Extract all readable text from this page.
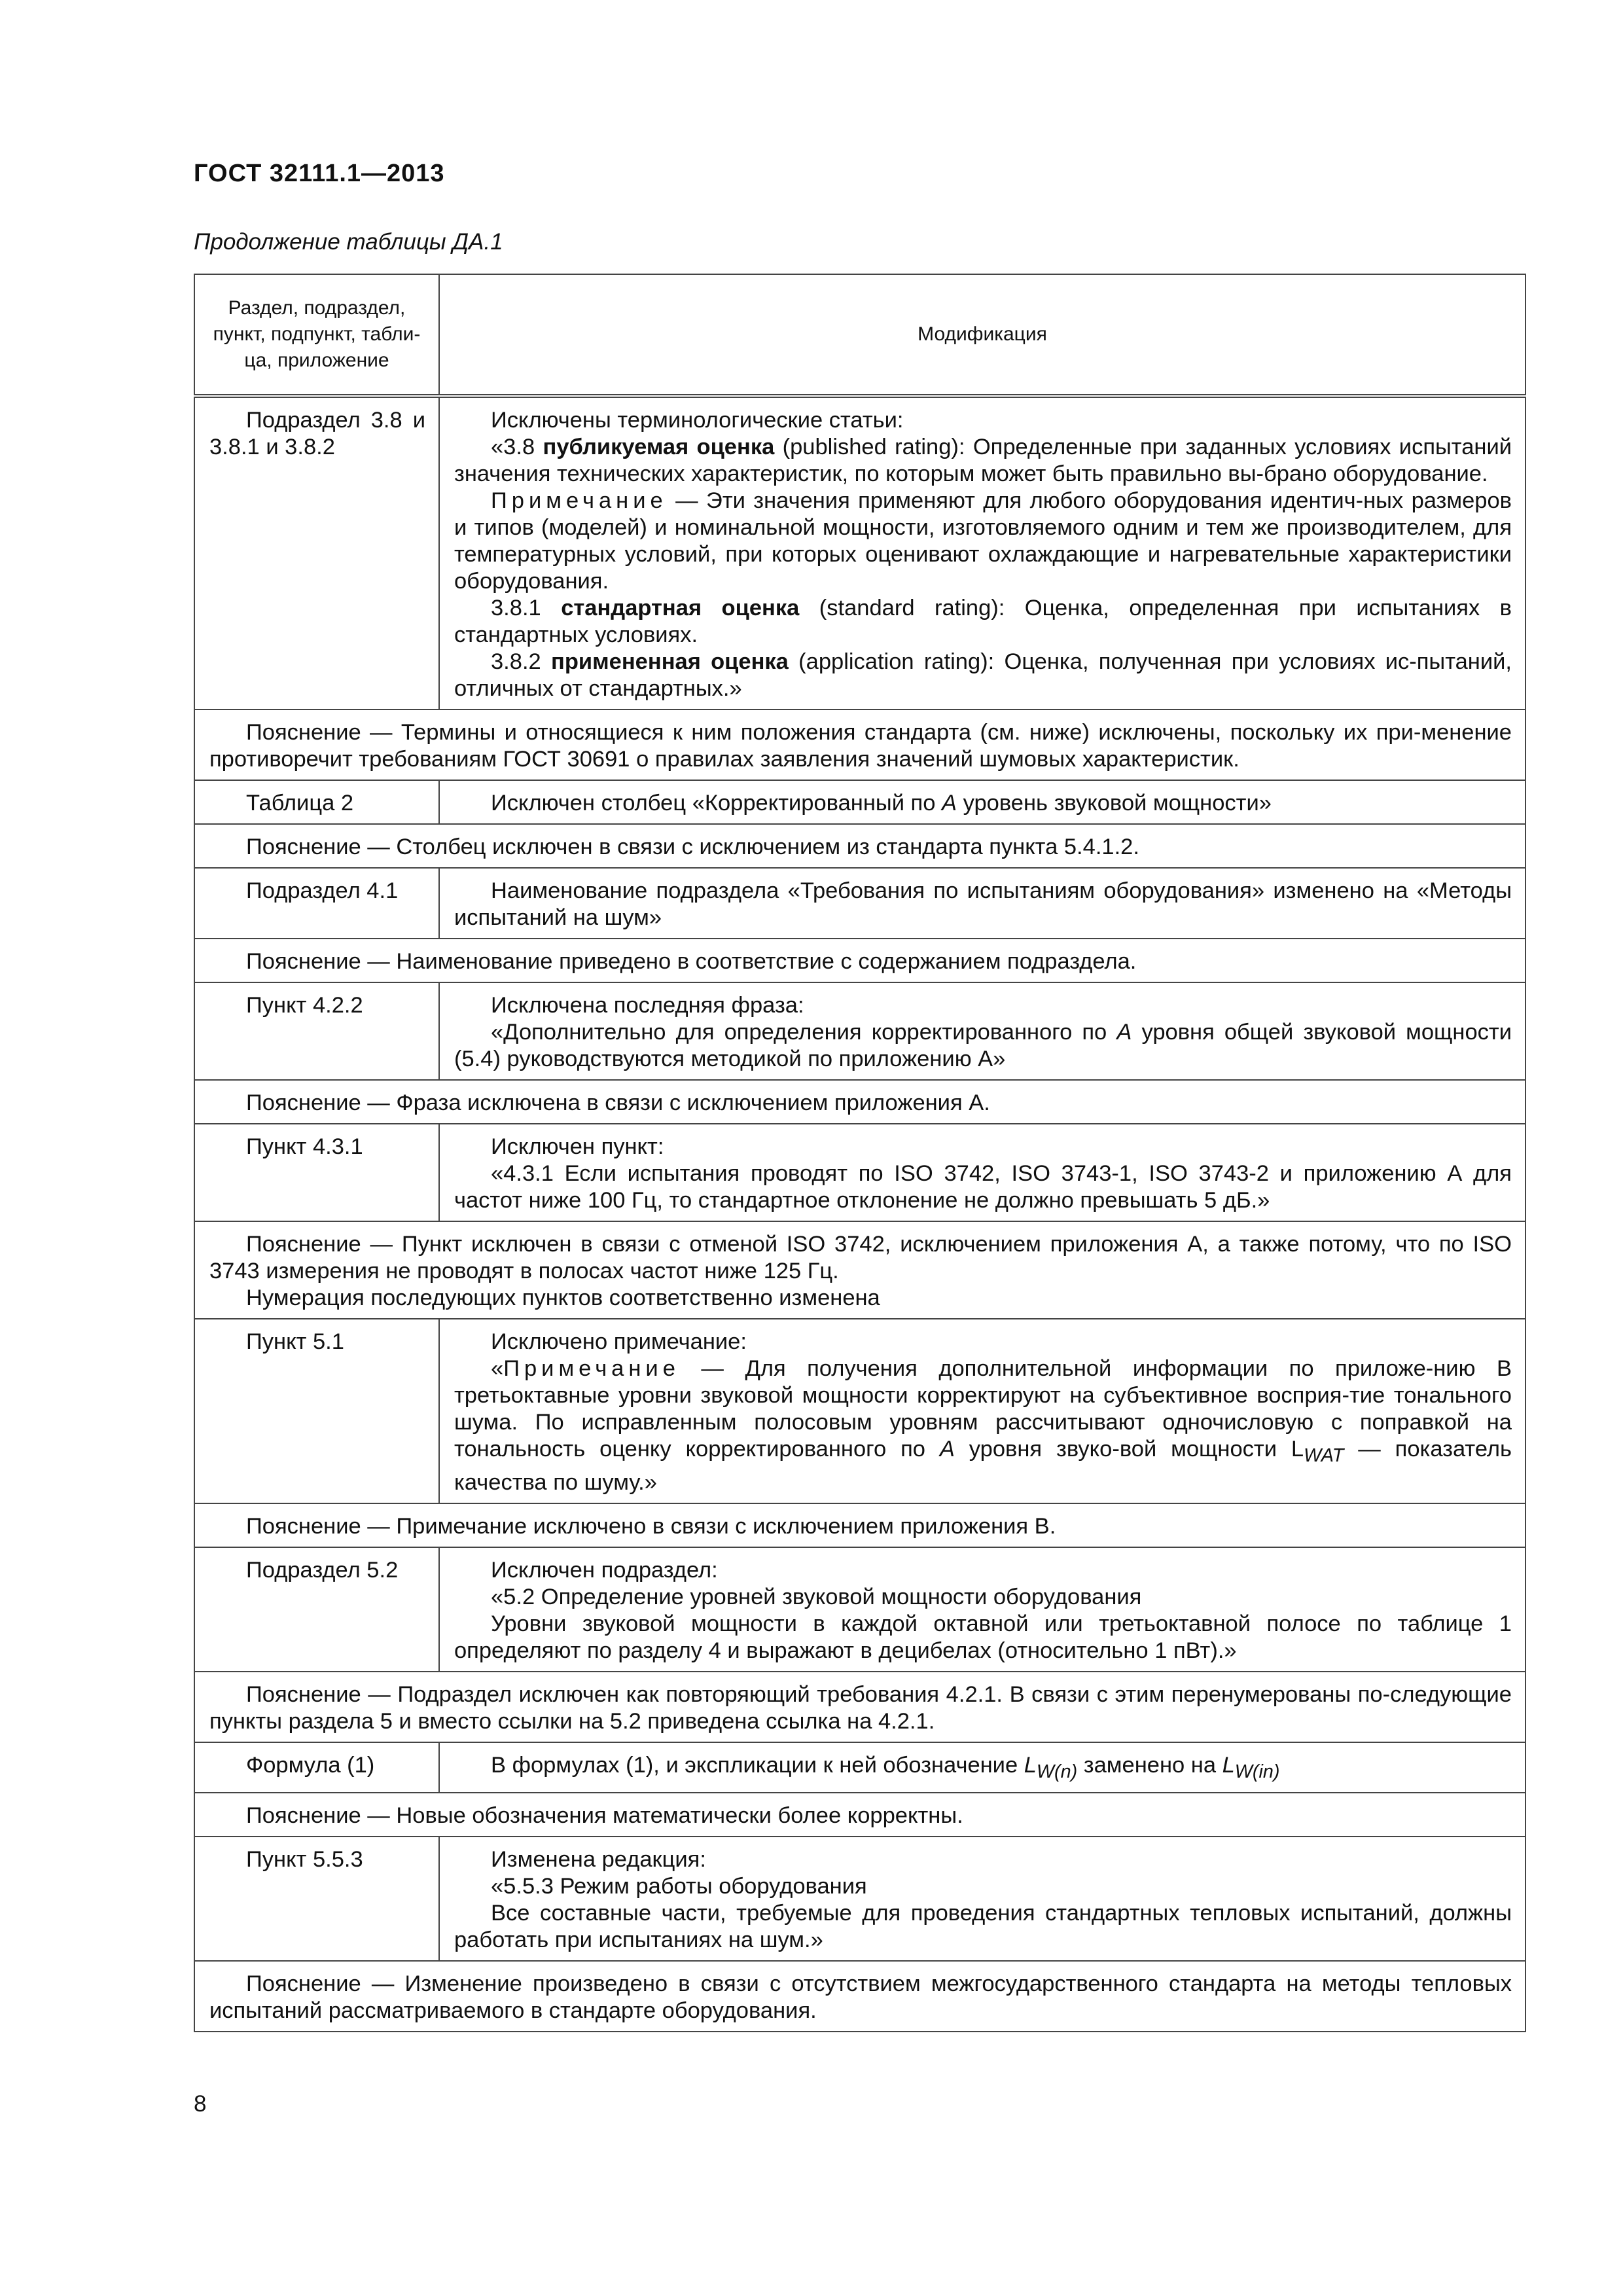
ГОСТ 32111.1—2013
Продолжение таблицы ДА.1
Раздел, подраздел, пункт, подпункт, табли-ца, приложение	Модификация
Подраздел 3.8 и 3.8.1 и 3.8.2	Исключены терминологические статьи:
«3.8 публикуемая оценка (published rating): Определенные при заданных условиях испытаний значения технических характеристик, по которым может быть правильно вы-брано оборудование.
Примечание — Эти значения применяют для любого оборудования идентич-ных размеров и типов (моделей) и номинальной мощности, изготовляемого одним и тем же производителем, для температурных условий, при которых оценивают охлаждающие и нагревательные характеристики оборудования.
3.8.1 стандартная оценка (standard rating): Оценка, определенная при испытаниях в стандартных условиях.
3.8.2 примененная оценка (application rating): Оценка, полученная при условиях ис-пытаний, отличных от стандартных.»

Пояснение — Термины и относящиеся к ним положения стандарта (см. ниже) исключены, поскольку их при-менение противоречит требованиям ГОСТ 30691 о правилах заявления значений шумовых характеристик.	
Таблица 2	Исключен столбец «Корректированный по A уровень звуковой мощности»
Пояснение — Столбец исключен в связи с исключением из стандарта пункта 5.4.1.2.	
Подраздел 4.1	Наименование подраздела «Требования по испытаниям оборудования» изменено на «Методы испытаний на шум»
Пояснение — Наименование приведено в соответствие с содержанием подраздела.	
Пункт 4.2.2	Исключена последняя фраза:
«Дополнительно для определения корректированного по А уровня общей звуковой мощности (5.4) руководствуются методикой по приложению А»

Пояснение — Фраза исключена в связи с исключением приложения А.	
Пункт 4.3.1	Исключен пункт:
«4.3.1 Если испытания проводят по ISO 3742, ISO 3743-1, ISO 3743-2 и приложению А для частот ниже 100 Гц, то стандартное отклонение не должно превышать 5 дБ.»

Пояснение — Пункт исключен в связи с отменой ISO 3742, исключением приложения А, а также потому, что по ISO 3743 измерения не проводят в полосах частот ниже 125 Гц.
Нумерация последующих пунктов соответственно изменена	

Пункт 5.1	Исключено примечание:
«Примечание — Для получения дополнительной информации по приложе-нию В третьоктавные уровни звуковой мощности корректируют на субъективное восприя-тие тонального шума. По исправленным полосовым уровням рассчитывают одночисловую с поправкой на тональность оценку корректированного по А уровня звуко-вой мощности $L_{WAT}$ — показатель качества по шуму.»

Пояснение — Примечание исключено в связи с исключением приложения В.	
Подраздел 5.2	Исключен подраздел:
«5.2 Определение уровней звуковой мощности оборудования
Уровни звуковой мощности в каждой октавной или третьоктавной полосе по таблице 1 определяют по разделу 4 и выражают в децибелах (относительно 1 пВт).»

Пояснение — Подраздел исключен как повторяющий требования 4.2.1. В связи с этим перенумерованы по-следующие пункты раздела 5 и вместо ссылки на 5.2 приведена ссылка на 4.2.1.	
Формула (1)	В формулах (1), и экспликации к ней обозначение $L_{W(n)}$ заменено на $L_{W(in)}$
Пояснение — Новые обозначения математически более корректны.	
Пункт 5.5.3	Изменена редакция:
«5.5.3 Режим работы оборудования
Все составные части, требуемые для проведения стандартных тепловых испытаний, должны работать при испытаниях на шум.»

Пояснение — Изменение произведено в связи с отсутствием межгосударственного стандарта на методы тепловых испытаний рассматриваемого в стандарте оборудования.	
8
